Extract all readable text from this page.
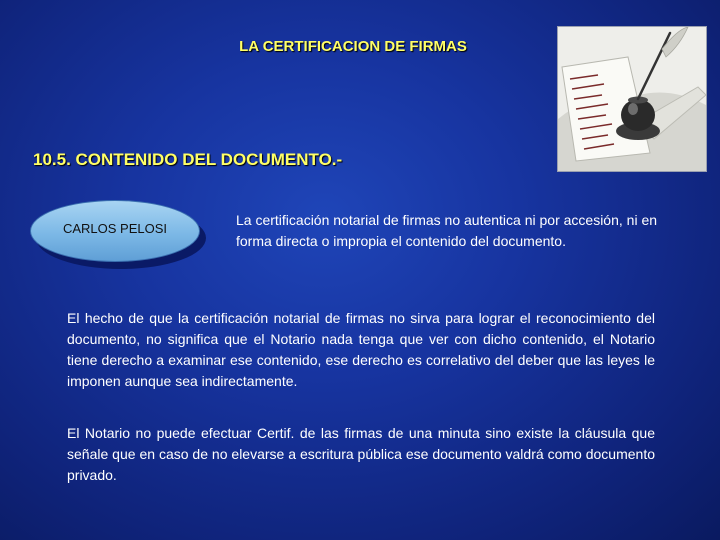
LA CERTIFICACION DE FIRMAS
10.5. CONTENIDO DEL DOCUMENTO.-
CARLOS PELOSI

La certificación notarial de firmas no autentica ni por accesión, ni en forma directa o impropia el contenido del documento.

El hecho de que la certificación notarial de firmas no sirva para lograr el reconocimiento del documento, no significa que el Notario nada tenga que ver con dicho contenido, el Notario tiene derecho a examinar ese contenido, ese derecho es correlativo del deber que las leyes le imponen aunque sea indirectamente.

El Notario no puede efectuar Certif. de las firmas de una minuta sino existe la cláusula que señale que en caso de no elevarse a escritura pública ese documento valdrá como documento privado.
